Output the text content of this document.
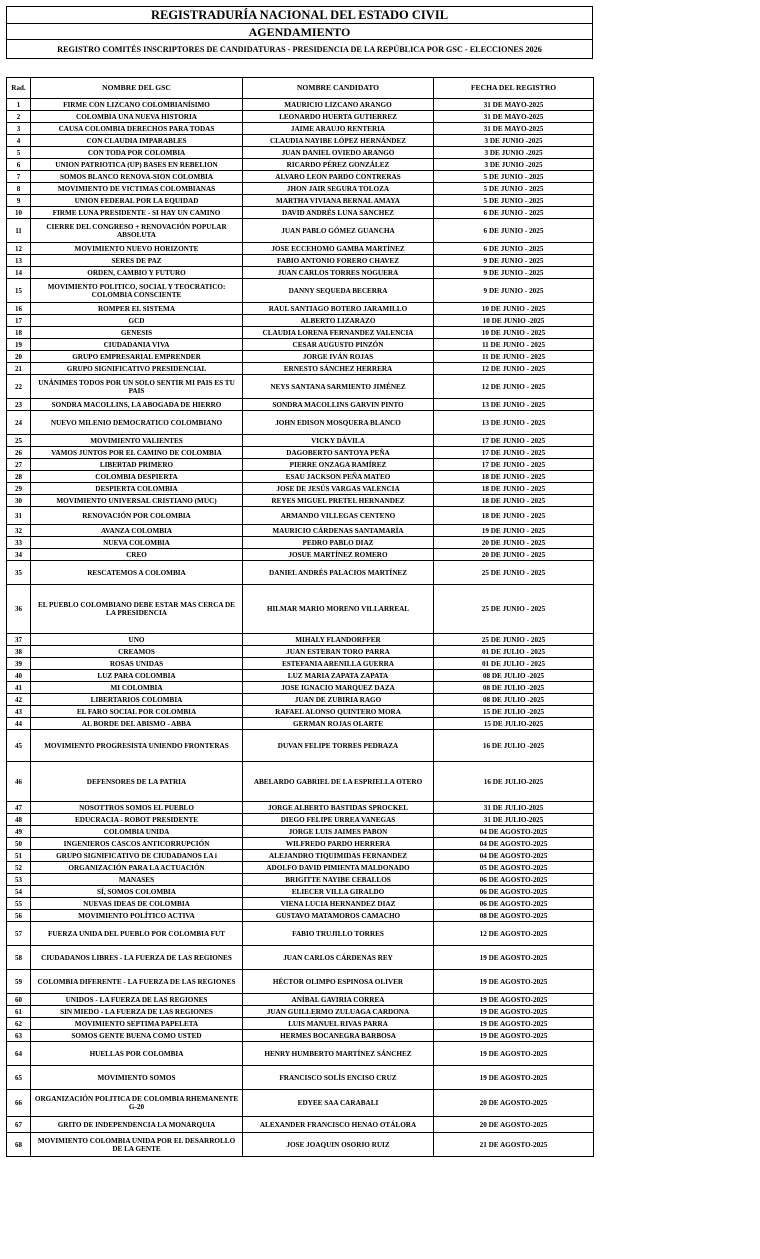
REGISTRADURÍA NACIONAL DEL ESTADO CIVIL
AGENDAMIENTO
REGISTRO COMITÉS INSCRIPTORES DE CANDIDATURAS - PRESIDENCIA DE LA REPÚBLICA POR GSC - ELECCIONES 2026
Rad.	NOMBRE DEL GSC	NOMBRE CANDIDATO	FECHA DEL REGISTRO
1	FIRME CON LIZCANO COLOMBIANÍSIMO	MAURICIO LIZCANO ARANGO	31 DE MAYO-2025
2	COLOMBIA UNA NUEVA HISTORIA	LEONARDO HUERTA GUTIERREZ	31 DE MAYO-2025
3	CAUSA COLOMBIA DERECHOS PARA TODAS	JAIME ARAUJO RENTERIA	31 DE MAYO-2025
4	CON CLAUDIA IMPARABLES	CLAUDIA NAYIBE LÓPEZ HERNÁNDEZ	3 DE JUNIO -2025
5	CON TODA POR COLOMBIA	JUAN DANIEL OVIEDO ARANGO	3 DE JUNIO -2025
6	UNION PATRIOTICA (UP) BASES EN REBELION	RICARDO PÉREZ GONZÁLEZ	3 DE JUNIO -2025
7	SOMOS BLANCO RENOVA-SION COLOMBIA	ALVARO LEON PARDO CONTRERAS	5 DE JUNIO - 2025
8	MOVIMIENTO DE VICTIMAS COLOMBIANAS	JHON JAIR SEGURA TOLOZA	5 DE JUNIO - 2025
9	UNION FEDERAL POR LA EQUIDAD	MARTHA VIVIANA BERNAL AMAYA	5 DE JUNIO - 2025
10	FIRME LUNA PRESIDENTE - SI HAY UN CAMINO	DAVID ANDRÉS LUNA SANCHEZ	6 DE JUNIO - 2025
11	CIERRE DEL CONGRESO + RENOVACIÓN POPULAR ABSOLUTA	JUAN PABLO GÓMEZ GUANCHA	6 DE JUNIO - 2025
12	MOVIMIENTO NUEVO HORIZONTE	JOSE ECCEHOMO GAMBA MARTÍNEZ	6 DE JUNIO - 2025
13	SERES DE PAZ	FABIO ANTONIO FORERO CHAVEZ	9 DE JUNIO - 2025
14	ORDEN, CAMBIO Y FUTURO	JUAN CARLOS TORRES NOGUERA	9 DE JUNIO - 2025
15	MOVIMIENTO POLITICO, SOCIAL Y TEOCRATICO: COLOMBIA CONSCIENTE	DANNY SEQUEDA BECERRA	9 DE JUNIO - 2025
16	ROMPER EL SISTEMA	RAUL SANTIAGO BOTERO JARAMILLO	10 DE JUNIO - 2025
17	GCD	ALBERTO LIZARAZO	10 DE JUNIO -2025
18	GENESIS	CLAUDIA LORENA FERNANDEZ VALENCIA	10 DE JUNIO - 2025
19	CIUDADANIA VIVA	CESAR AUGUSTO PINZÓN	11 DE JUNIO - 2025
20	GRUPO EMPRESARIAL EMPRENDER	JORGE IVÁN ROJAS	11 DE JUNIO - 2025
21	GRUPO SIGNIFICATIVO PRESIDENCIAL	ERNESTO SÁNCHEZ HERRERA	12 DE JUNIO - 2025
22	UNÁNIMES TODOS POR UN SOLO SENTIR MI PAIS ES TU PAIS	NEYS SANTANA SARMIENTO JIMÉNEZ	12 DE JUNIO - 2025
23	SONDRA MACOLLINS, LA ABOGADA DE HIERRO	SONDRA MACOLLINS GARVIN PINTO	13 DE JUNIO - 2025
24	NUEVO MILENIO DEMOCRATICO COLOMBIANO	JOHN EDISON MOSQUERA BLANCO	13 DE JUNIO - 2025
25	MOVIMIENTO VALIENTES	VICKY DÁVILA	17 DE JUNIO - 2025
26	VAMOS JUNTOS POR EL CAMINO DE COLOMBIA	DAGOBERTO SANTOYA PEÑA	17 DE JUNIO - 2025
27	LIBERTAD PRIMERO	PIERRE ONZAGA RAMÍREZ	17 DE JUNIO - 2025
28	COLOMBIA DESPIERTA	ESAU JACKSON PEÑA MATEO	18 DE JUNIO - 2025
29	DESPIERTA COLOMBIA	JOSE DE JESÚS VARGAS VALENCIA	18 DE JUNIO - 2025
30	MOVIMIENTO UNIVERSAL CRISTIANO (MUC)	REYES MIGUEL PRETEL HERNANDEZ	18 DE JUNIO - 2025
31	RENOVACIÓN POR COLOMBIA	ARMANDO VILLEGAS CENTENO	18 DE JUNIO - 2025
32	AVANZA COLOMBIA	MAURICIO CÁRDENAS SANTAMARÍA	19 DE JUNIO - 2025
33	NUEVA COLOMBIA	PEDRO PABLO DIAZ	20 DE JUNIO - 2025
34	CREO	JOSUE MARTÍNEZ ROMERO	20 DE JUNIO - 2025
35	RESCATEMOS A COLOMBIA	DANIEL ANDRÉS PALACIOS MARTÍNEZ	25 DE JUNIO - 2025
36	EL PUEBLO COLOMBIANO DEBE ESTAR MAS CERCA DE LA PRESIDENCIA	HILMAR MARIO MORENO VILLARREAL	25 DE JUNIO - 2025
37	UNO	MIHALY FLANDORFFER	25 DE JUNIO - 2025
38	CREAMOS	JUAN ESTEBAN TORO PARRA	01 DE JULIO - 2025
39	ROSAS UNIDAS	ESTEFANIA ARENILLA GUERRA	01 DE JULIO - 2025
40	LUZ PARA COLOMBIA	LUZ MARIA ZAPATA ZAPATA	08 DE JULIO -2025
41	MI COLOMBIA	JOSE IGNACIO MARQUEZ DAZA	08 DE JULIO -2025
42	LIBERTARIOS COLOMBIA	JUAN DE ZUBIRIA RAGO	08 DE JULIO -2025
43	EL FARO SOCIAL POR COLOMBIA	RAFAEL ALONSO QUINTERO MORA	15 DE JULIO -2025
44	AL BORDE DEL ABISMO - ABBA	GERMAN ROJAS OLARTE	15 DE JULIO-2025
45	MOVIMIENTO PROGRESISTA UNIENDO FRONTERAS	DUVAN FELIPE TORRES PEDRAZA	16 DE JULIO -2025
46	DEFENSORES DE LA PATRIA	ABELARDO GABRIEL DE LA ESPRIELLA OTERO	16 DE JULIO-2025
47	NOSOTTROS SOMOS EL PUEBLO	JORGE ALBERTO BASTIDAS SPROCKEL	31 DE JULIO-2025
48	EDUCRACIA - ROBOT PRESIDENTE	DIEGO FELIPE URREA VANEGAS	31 DE JULIO-2025
49	COLOMBIA UNIDA	JORGE LUIS JAIMES PABON	04 DE AGOSTO-2025
50	INGENIEROS CASCOS ANTICORRUPCIÓN	WILFREDO PARDO HERRERA	04 DE AGOSTO-2025
51	GRUPO SIGNIFICATIVO DE CIUDADANOS LA i	ALEJANDRO TIQUIMIDAS FERNANDEZ	04 DE AGOSTO-2025
52	ORGANIZACIÓN PARA LA ACTUACIÓN	ADOLFO DAVID PIMIENTA MALDONADO	05 DE AGOSTO-2025
53	MANASES	BRIGITTE NAYIBE CEBALLOS	06 DE AGOSTO-2025
54	SÍ, SOMOS COLOMBIA	ELIECER VILLA GIRALDO	06 DE AGOSTO-2025
55	NUEVAS IDEAS DE COLOMBIA	VIENA LUCIA HERNANDEZ DIAZ	06 DE AGOSTO-2025
56	MOVIMIENTO POLÍTICO ACTIVA	GUSTAVO MATAMOROS CAMACHO	08 DE AGOSTO-2025
57	FUERZA UNIDA DEL PUEBLO POR COLOMBIA FUT	FABIO TRUJILLO TORRES	12 DE AGOSTO-2025
58	CIUDADANOS LIBRES - LA FUERZA DE LAS REGIONES	JUAN CARLOS CÁRDENAS REY	19 DE AGOSTO-2025
59	COLOMBIA DIFERENTE - LA FUERZA DE LAS REGIONES	HÉCTOR OLIMPO ESPINOSA OLIVER	19 DE AGOSTO-2025
60	UNIDOS - LA FUERZA DE LAS REGIONES	ANÍBAL GAVIRIA CORREA	19 DE AGOSTO-2025
61	SIN MIEDO - LA FUERZA DE LAS REGIONES	JUAN GUILLERMO ZULUAGA CARDONA	19 DE AGOSTO-2025
62	MOVIMIENTO SEPTIMA PAPELETA	LUIS MANUEL RIVAS PARRA	19 DE AGOSTO-2025
63	SOMOS GENTE BUENA COMO USTED	HERMES BOCANEGRA BARBOSA	19 DE AGOSTO-2025
64	HUELLAS POR COLOMBIA	HENRY HUMBERTO MARTÍNEZ SÁNCHEZ	19 DE AGOSTO-2025
65	MOVIMIENTO SOMOS	FRANCISCO SOLÍS ENCISO CRUZ	19 DE AGOSTO-2025
66	ORGANIZACIÓN POLITICA DE COLOMBIA RHEMANENTE G-20	EDYEE SAA CARABALI	20 DE AGOSTO-2025
67	GRITO DE INDEPENDENCIA LA MONARQUIA	ALEXANDER FRANCISCO HENAO OTÁLORA	20 DE AGOSTO-2025
68	MOVIMIENTO COLOMBIA UNIDA POR EL DESARROLLO DE LA GENTE	JOSE JOAQUIN OSORIO RUIZ	21 DE AGOSTO-2025
